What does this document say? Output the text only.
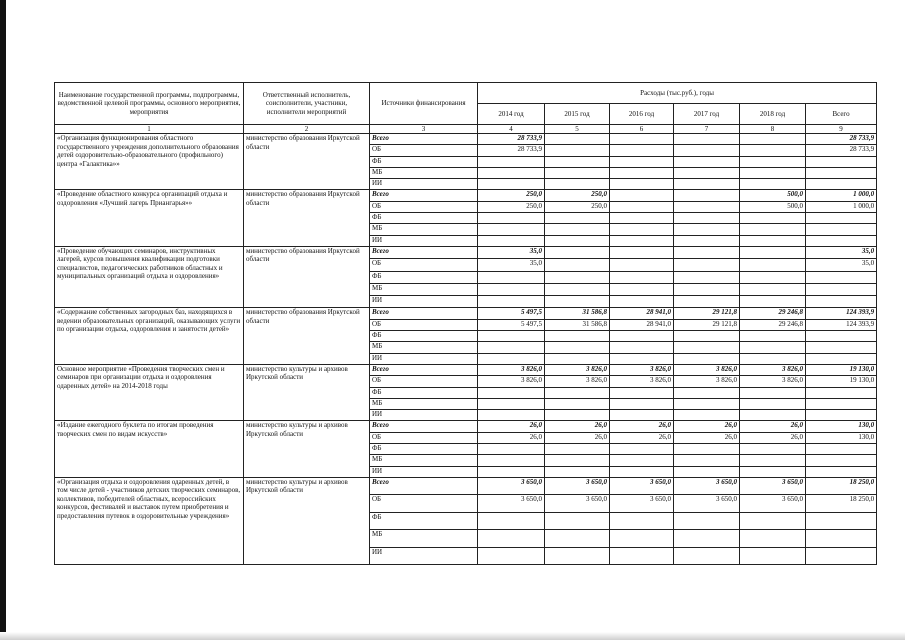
Наименование государственной программы, подпрограммы, ведомственной целевой программы, основного мероприятия, мероприятия	Ответственный исполнитель, соисполнители, участники, исполнители мероприятий	Источники финансирования	Расходы (тыс.руб.), годы					
			2014 год	2015 год	2016 год	2017 год	2018 год	Всего
1	2	3	4	5	6	7	8	9
«Организация функционирования областного государственного учреждения дополнительного образования детей оздоровительно-образовательного (профильного) центра «Галактика»»	министерство образования Иркутской области	Всего	28 733,9					28 733,9
		ОБ	28 733,9					28 733,9
		ФБ						
		МБ						
		ИИ						
«Проведение областного конкурса организаций отдыха и оздоровления «Лучший лагерь Приангарья»»	министерство образования Иркутской области	Всего	250,0	250,0			500,0	1 000,0
		ОБ	250,0	250,0			500,0	1 000,0
		ФБ						
		МБ						
		ИИ						
«Проведение обучающих семинаров, инструктивных лагерей, курсов повышения квалификации подготовки специалистов, педагогических работников областных и муниципальных организаций отдыха и оздоровления»	министерство образования Иркутской области	Всего	35,0					35,0
		ОБ	35,0					35,0
		ФБ						
		МБ						
		ИИ						
«Содержание собственных загородных баз, находящихся в ведении образовательных организаций, оказывающих услуги по организации отдыха, оздоровления и занятости детей»	министерство образования Иркутской области	Всего	5 497,5	31 586,8	28 941,0	29 121,8	29 246,8	124 393,9
		ОБ	5 497,5	31 586,8	28 941,0	29 121,8	29 246,8	124 393,9
		ФБ						
		МБ						
		ИИ						
Основное мероприятие «Проведения творческих смен и семинаров при организации отдыха и оздоровления одаренных детей» на 2014-2018 годы	министерство культуры и архивов Иркутской области	Всего	3 826,0	3 826,0	3 826,0	3 826,0	3 826,0	19 130,0
		ОБ	3 826,0	3 826,0	3 826,0	3 826,0	3 826,0	19 130,0
		ФБ						
		МБ						
		ИИ						
«Издание ежегодного буклета по итогам проведения творческих смен по видам искусств»	министерство культуры и архивов Иркутской области	Всего	26,0	26,0	26,0	26,0	26,0	130,0
		ОБ	26,0	26,0	26,0	26,0	26,0	130,0
		ФБ						
		МБ						
		ИИ						
«Организация отдыха и оздоровления одаренных детей, в том числе детей - участников детских творческих семинаров, коллективов, победителей областных, всероссийских конкурсов, фестивалей и выставок путем приобретения и предоставления путевок в оздоровительные учреждения»	министерство культуры и архивов Иркутской области	Всего	3 650,0	3 650,0	3 650,0	3 650,0	3 650,0	18 250,0
		ОБ	3 650,0	3 650,0	3 650,0	3 650,0	3 650,0	18 250,0
		ФБ						
		МБ						
		ИИ						
